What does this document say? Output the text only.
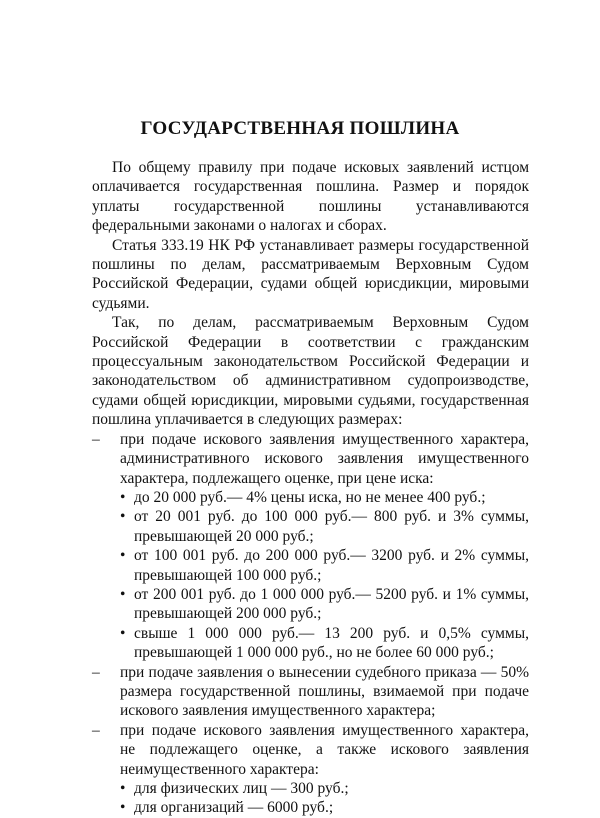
ГОСУДАРСТВЕННАЯ ПОШЛИНА

По общему правилу при подаче исковых заявлений истцом оплачивается государственная пошлина. Размер и порядок уплаты государственной пошлины устанавливаются федеральными законами о налогах и сборах.

Статья 333.19 НК РФ устанавливает размеры государственной пошлины по делам, рассматриваемым Верховным Судом Российской Федерации, судами общей юрисдикции, мировыми судьями.

Так, по делам, рассматриваемым Верховным Судом Российской Федерации в соответствии с гражданским процессуальным законодательством Российской Федерации и законодательством об административном судопроизводстве, судами общей юрисдикции, мировыми судьями, государственная пошлина уплачивается в следующих размерах:

– при подаче искового заявления имущественного характера, административного искового заявления имущественного характера, подлежащего оценке, при цене иска:
• до 20 000 руб.— 4% цены иска, но не менее 400 руб.;
• от 20 001 руб. до 100 000 руб.— 800 руб. и 3% суммы, превышающей 20 000 руб.;
• от 100 001 руб. до 200 000 руб.— 3200 руб. и 2% суммы, превышающей 100 000 руб.;
• от 200 001 руб. до 1 000 000 руб.— 5200 руб. и 1% суммы, превышающей 200 000 руб.;
• свыше 1 000 000 руб.— 13 200 руб. и 0,5% суммы, превышающей 1 000 000 руб., но не более 60 000 руб.;
– при подаче заявления о вынесении судебного приказа — 50% размера государственной пошлины, взимаемой при подаче искового заявления имущественного характера;
– при подаче искового заявления имущественного характера, не подлежащего оценке, а также искового заявления неимущественного характера:
• для физических лиц — 300 руб.;
• для организаций — 6000 руб.;
